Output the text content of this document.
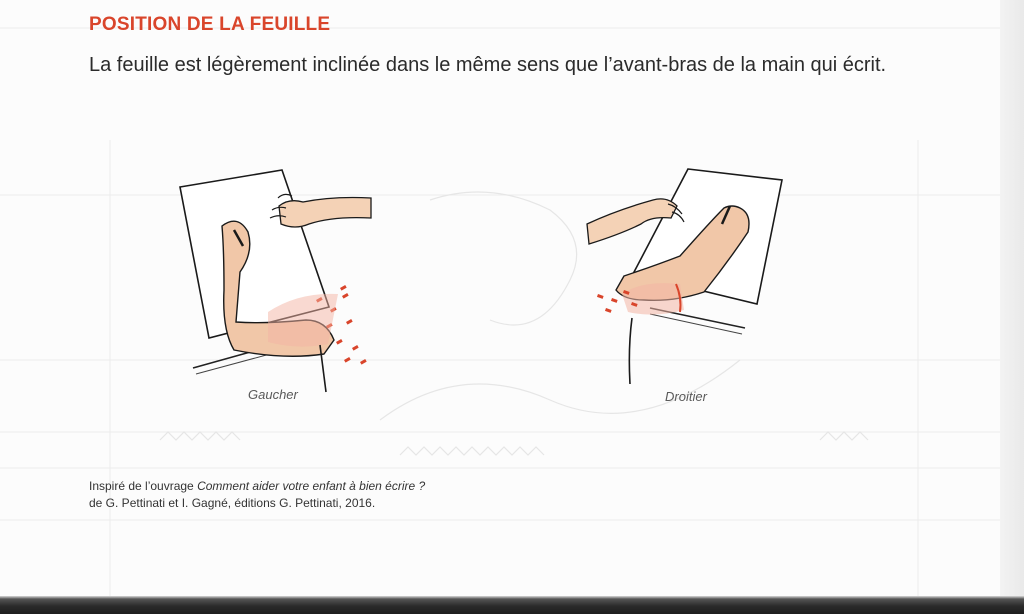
POSITION DE LA FEUILLE
La feuille est légèrement inclinée dans le même sens que l’avant-bras de la main qui écrit.
Gaucher	Droitier
Inspiré de l’ouvrage Comment aider votre enfant à bien écrire ?
de G. Pettinati et I. Gagné, éditions G. Pettinati, 2016.
